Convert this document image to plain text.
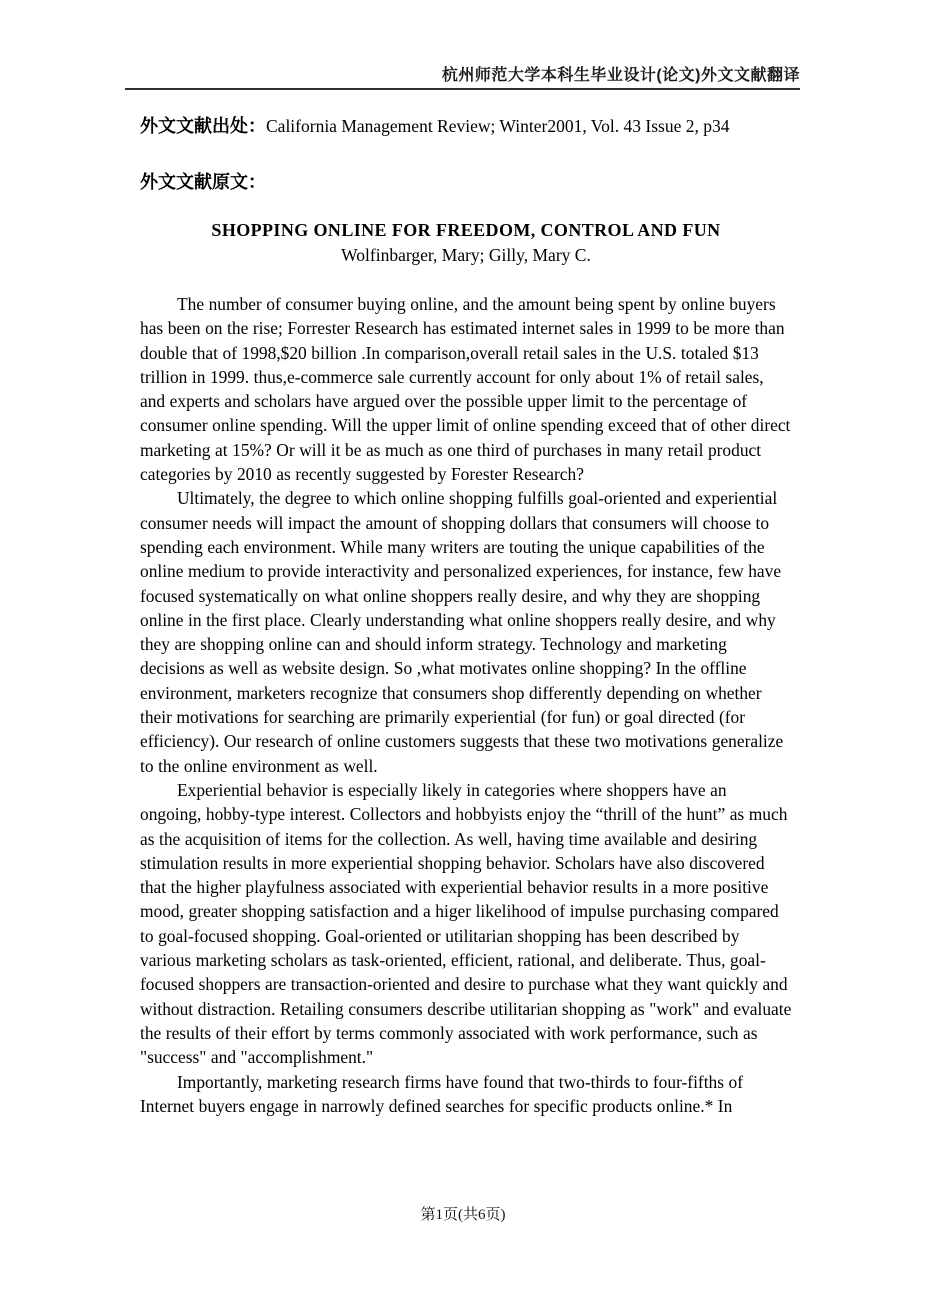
杭州师范大学本科生毕业设计(论文)外文文献翻译

外文文献出处：California Management Review; Winter2001, Vol. 43 Issue 2, p34

外文文献原文：

SHOPPING ONLINE FOR FREEDOM, CONTROL AND FUN
Wolfinbarger, Mary; Gilly, Mary C.

The number of consumer buying online, and the amount being spent by online buyers has been on the rise; Forrester Research has estimated internet sales in 1999 to be more than double that of 1998,$20 billion .In comparison,overall retail sales in the U.S. totaled $13 trillion in 1999. thus,e-commerce sale currently account for only about 1% of retail sales, and experts and scholars have argued over the possible upper limit to the percentage of consumer online spending. Will the upper limit of online spending exceed that of other direct marketing at 15%? Or will it be as much as one third of purchases in many retail product categories by 2010 as recently suggested by Forester Research?

Ultimately, the degree to which online shopping fulfills goal-oriented and experiential consumer needs will impact the amount of shopping dollars that consumers will choose to spending each environment. While many writers are touting the unique capabilities of the online medium to provide interactivity and personalized experiences, for instance, few have focused systematically on what online shoppers really desire, and why they are shopping online in the first place. Clearly understanding what online shoppers really desire, and why they are shopping online can and should inform strategy. Technology and marketing decisions as well as website design. So ,what motivates online shopping? In the offline environment, marketers recognize that consumers shop differently depending on whether their motivations for searching are primarily experiential (for fun) or goal directed (for efficiency). Our research of online customers suggests that these two motivations generalize to the online environment as well.

Experiential behavior is especially likely in categories where shoppers have an ongoing, hobby-type interest. Collectors and hobbyists enjoy the “thrill of the hunt” as much as the acquisition of items for the collection. As well, having time available and desiring stimulation results in more experiential shopping behavior. Scholars have also discovered that the higher playfulness associated with experiential behavior results in a more positive mood, greater shopping satisfaction and a higer likelihood of impulse purchasing compared to goal-focused shopping. Goal-oriented or utilitarian shopping has been described by various marketing scholars as task-oriented, efficient, rational, and deliberate. Thus, goal-focused shoppers are transaction-oriented and desire to purchase what they want quickly and without distraction. Retailing consumers describe utilitarian shopping as "work" and evaluate the results of their effort by terms commonly associated with work performance, such as "success" and "accomplishment."

Importantly, marketing research firms have found that two-thirds to four-fifths of Internet buyers engage in narrowly defined searches for specific products online.* In

第1页(共6页)
